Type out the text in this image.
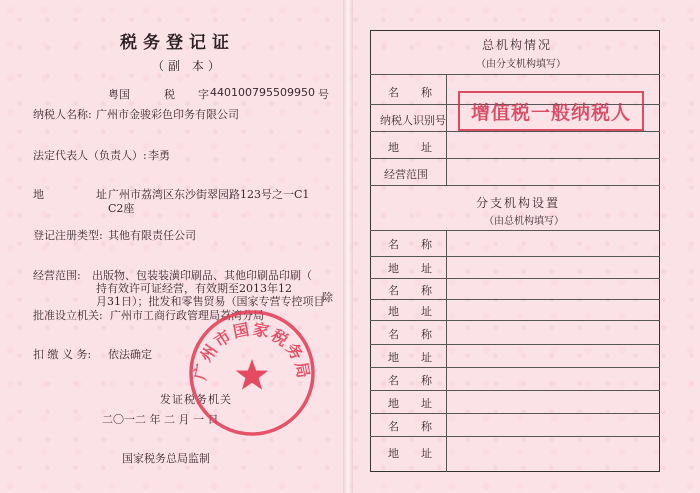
税务登记证
（副 本）
粤国	税 字 440100795509950 号
纳税人名称: 广州市金骏彩色印务有限公司
法定代表人（负责人）: 李勇
地	址 广州市荔湾区东沙街翠园路123号之一C1
C2座
登记注册类型: 其他有限责任公司
经营范围: 出版物、包装装潢印刷品、其他印刷品印刷（
持有效许可证经营，有效期至2013年12
月31日）；批发和零售贸易（国家专营专控项目
除
批准设立机关: 广州市工商行政管理局荔湾分局
扣 缴 义 务: 依法确定
发证税务机关
二〇一二 年 二 月 一 日
国家税务总局监制
广州市国家税务局
总机构情况
（由分支机构填写）
名　　称
纳税人识别号
地　　址
经营范围
增值税一般纳税人
分支机构设置
（由总机构填写）
名　　称
地　　址
名　　称
地　　址
名　　称
地　　址
名　　称
地　　址
名　　称
地　　址
